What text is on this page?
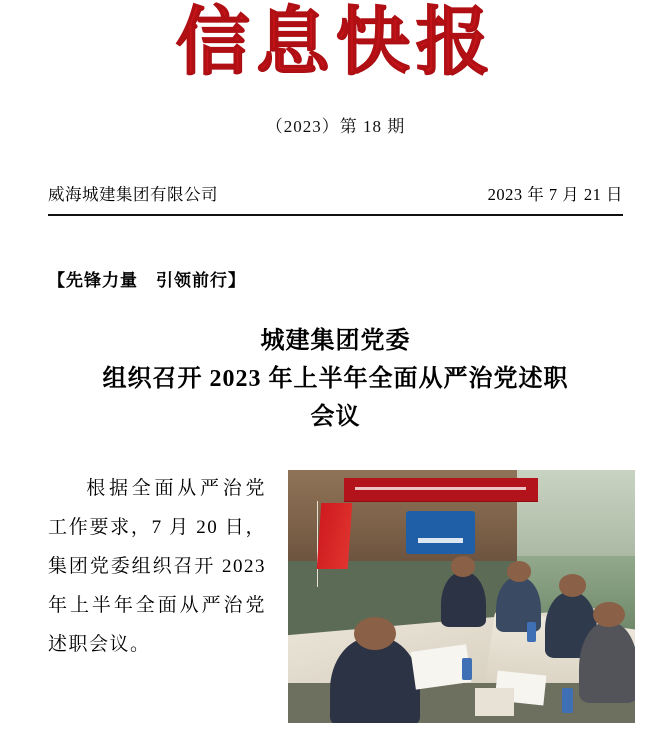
信息快报
（2023）第 18 期
威海城建集团有限公司	2023 年 7 月 21 日
【先锋力量　引领前行】
城建集团党委
组织召开 2023 年上半年全面从严治党述职
会议

根据全面从严治党工作要求，7 月 20 日，集团党委组织召开 2023 年上半年全面从严治党述职会议。
